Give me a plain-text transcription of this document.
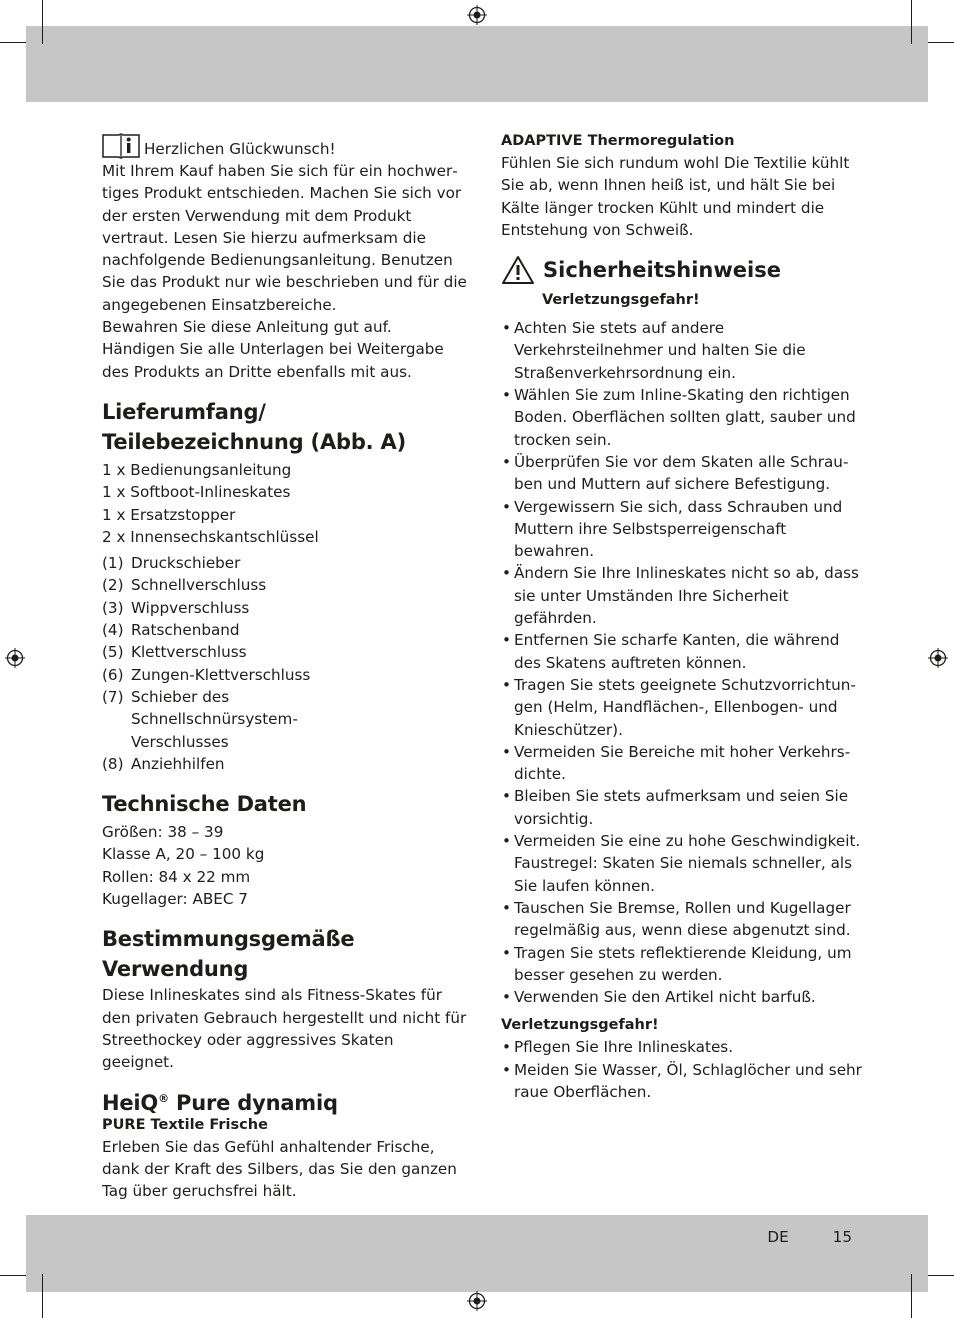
Herzlichen Glückwunsch!

Mit Ihrem Kauf haben Sie sich für ein hochwertiges Produkt entschieden. Machen Sie sich vor der ersten Verwendung mit dem Produkt vertraut. Lesen Sie hierzu aufmerksam die nachfolgende Bedienungsanleitung. Benutzen Sie das Produkt nur wie beschrieben und für die angegebenen Einsatzbereiche.

Bewahren Sie diese Anleitung gut auf. Händigen Sie alle Unterlagen bei Weitergabe des Produkts an Dritte ebenfalls mit aus.

Lieferumfang/
Teilebezeichnung (Abb. A)
1 x Bedienungsanleitung
1 x Softboot-Inlineskates
1 x Ersatzstopper
2 x Innensechskantschlüssel
(1) Druckschieber
(2) Schnellverschluss
(3) Wippverschluss
(4) Ratschenband
(5) Klettverschluss
(6) Zungen-Klettverschluss
(7) Schieber des Schnellschnürsystem-Verschlusses
(8) Anziehhilfen
Technische Daten
Größen: 38 – 39
Klasse A, 20 – 100 kg
Rollen: 84 x 22 mm
Kugellager: ABEC 7
Bestimmungsgemäße
Verwendung

Diese Inlineskates sind als Fitness-Skates für den privaten Gebrauch hergestellt und nicht für Streethockey oder aggressives Skaten geeignet.

HeiQ® Pure dynamiq

PURE Textile Frische

Erleben Sie das Gefühl anhaltender Frische, dank der Kraft des Silbers, das Sie den ganzen Tag über geruchsfrei hält.

ADAPTIVE Thermoregulation

Fühlen Sie sich rundum wohl Die Textilie kühlt Sie ab, wenn Ihnen heiß ist, und hält Sie bei Kälte länger trocken Kühlt und mindert die Entstehung von Schweiß.

Sicherheitshinweise

Verletzungsgefahr!

• Achten Sie stets auf andere Verkehrsteilnehmer und halten Sie die Straßenverkehrsordnung ein.
• Wählen Sie zum Inline-Skating den richtigen Boden. Oberflächen sollten glatt, sauber und trocken sein.
• Überprüfen Sie vor dem Skaten alle Schrauben und Muttern auf sichere Befestigung.
• Vergewissern Sie sich, dass Schrauben und Muttern ihre Selbstsperreigenschaft bewahren.
• Ändern Sie Ihre Inlineskates nicht so ab, dass sie unter Umständen Ihre Sicherheit gefährden.
• Entfernen Sie scharfe Kanten, die während des Skatens auftreten können.
• Tragen Sie stets geeignete Schutzvorrichtungen (Helm, Handflächen-, Ellenbogen- und Knieschützer).
• Vermeiden Sie Bereiche mit hoher Verkehrsdichte.
• Bleiben Sie stets aufmerksam und seien Sie vorsichtig.
• Vermeiden Sie eine zu hohe Geschwindigkeit. Faustregel: Skaten Sie niemals schneller, als Sie laufen können.
• Tauschen Sie Bremse, Rollen und Kugellager regelmäßig aus, wenn diese abgenutzt sind.
• Tragen Sie stets reflektierende Kleidung, um besser gesehen zu werden.
• Verwenden Sie den Artikel nicht barfuß.

Verletzungsgefahr!

• Pflegen Sie Ihre Inlineskates.
• Meiden Sie Wasser, Öl, Schlaglöcher und sehr raue Oberflächen.
DE	15
